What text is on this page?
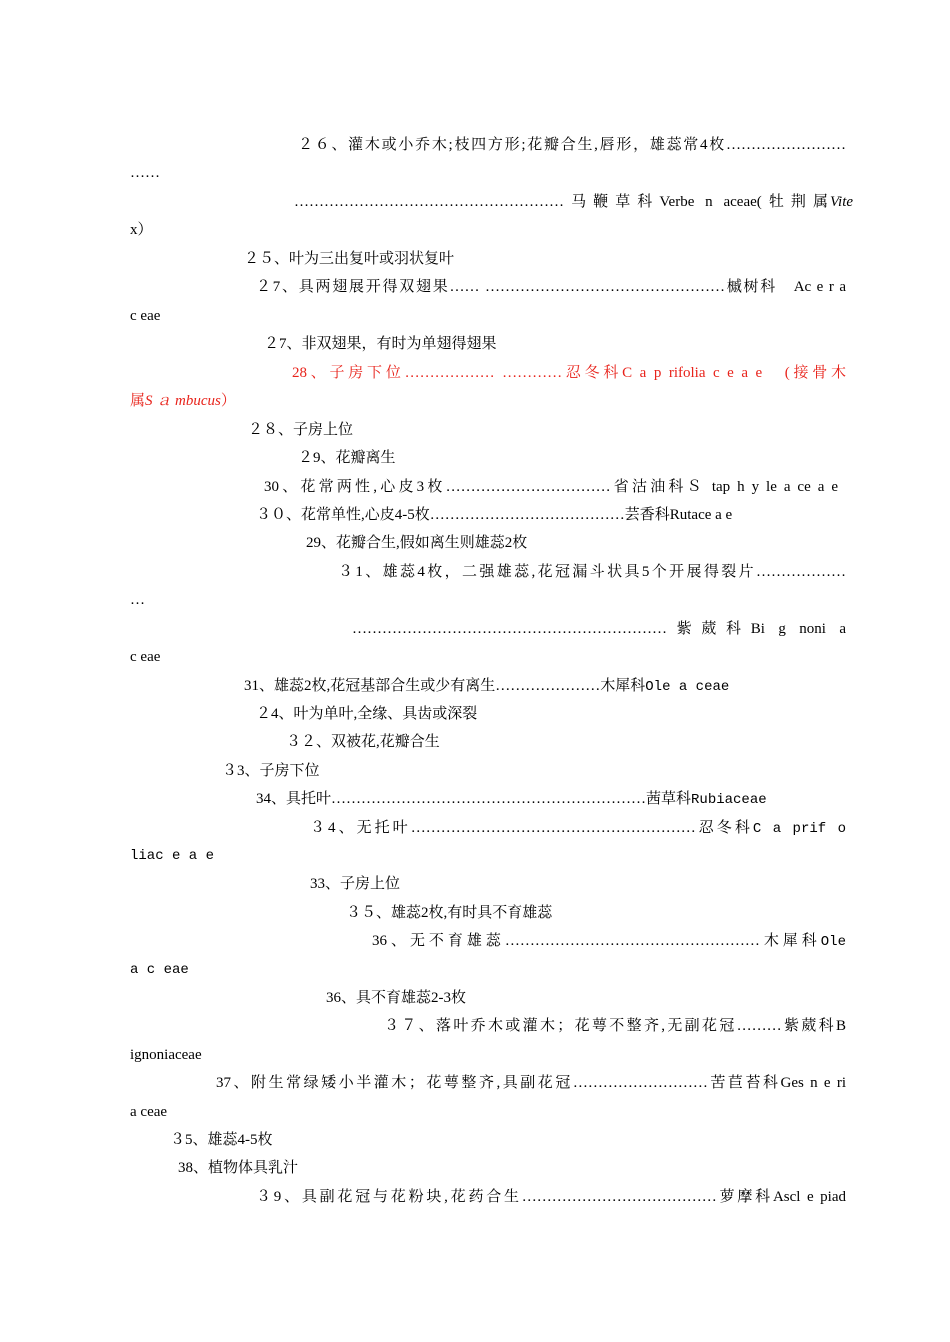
２６、灌木或小乔木;枝四方形;花瓣合生,唇形，雄蕊常4枚……………………
……
………………………………………………马鞭草科Verbe n aceae(牡荆属 Vite
x）
２５、叶为三出复叶或羽状复叶
２7、具两翅展开得双翅果…… …………………………………………槭树科　Ac e r a
c eae
２7、非双翅果，有时为单翅得翅果
28、子房下位……………… …………忍冬科C a p rifolia c e a e　(接骨木
属S ａ mbucus）
２８、子房上位
２9、花瓣离生
30、花常两性,心皮3枚……………………………省沽油科Ｓ tap h y le a ce a e
３０、花常单性,心皮4-5枚…………………………………芸香科Rutace a e
29、花瓣合生,假如离生则雄蕊2枚
３1、雄蕊4枚，二强雄蕊,花冠漏斗状具5个开展得裂片………………
…
………………………………………………………紫葳科Bi g noni a
c eae
31、雄蕊2枚,花冠基部合生或少有离生…………………木犀科Ole a ceae
２4、叶为单叶,全缘、具齿或深裂
３２、双被花,花瓣合生
３3、子房下位
34、具托叶………………………………………………………茜草科Rubiaceae
３4、无托叶…………………………………………………忍冬科C a prif o
liac e a e
33、子房上位
３５、雄蕊2枚,有时具不育雄蕊
36、无不育雄蕊……………………………………………木犀科Ole
a c eae
36、具不育雄蕊2-3枚
３７、落叶乔木或灌木；花萼不整齐,无副花冠………紫葳科B
ignoniaceae
37、附生常绿矮小半灌木；花萼整齐,具副花冠………………………苦苣苔科Ges n e ri
a ceae
３5、雄蕊4-5枚
38、植物体具乳汁
３9、具副花冠与花粉块,花药合生…………………………………萝摩科Ascl e piad
